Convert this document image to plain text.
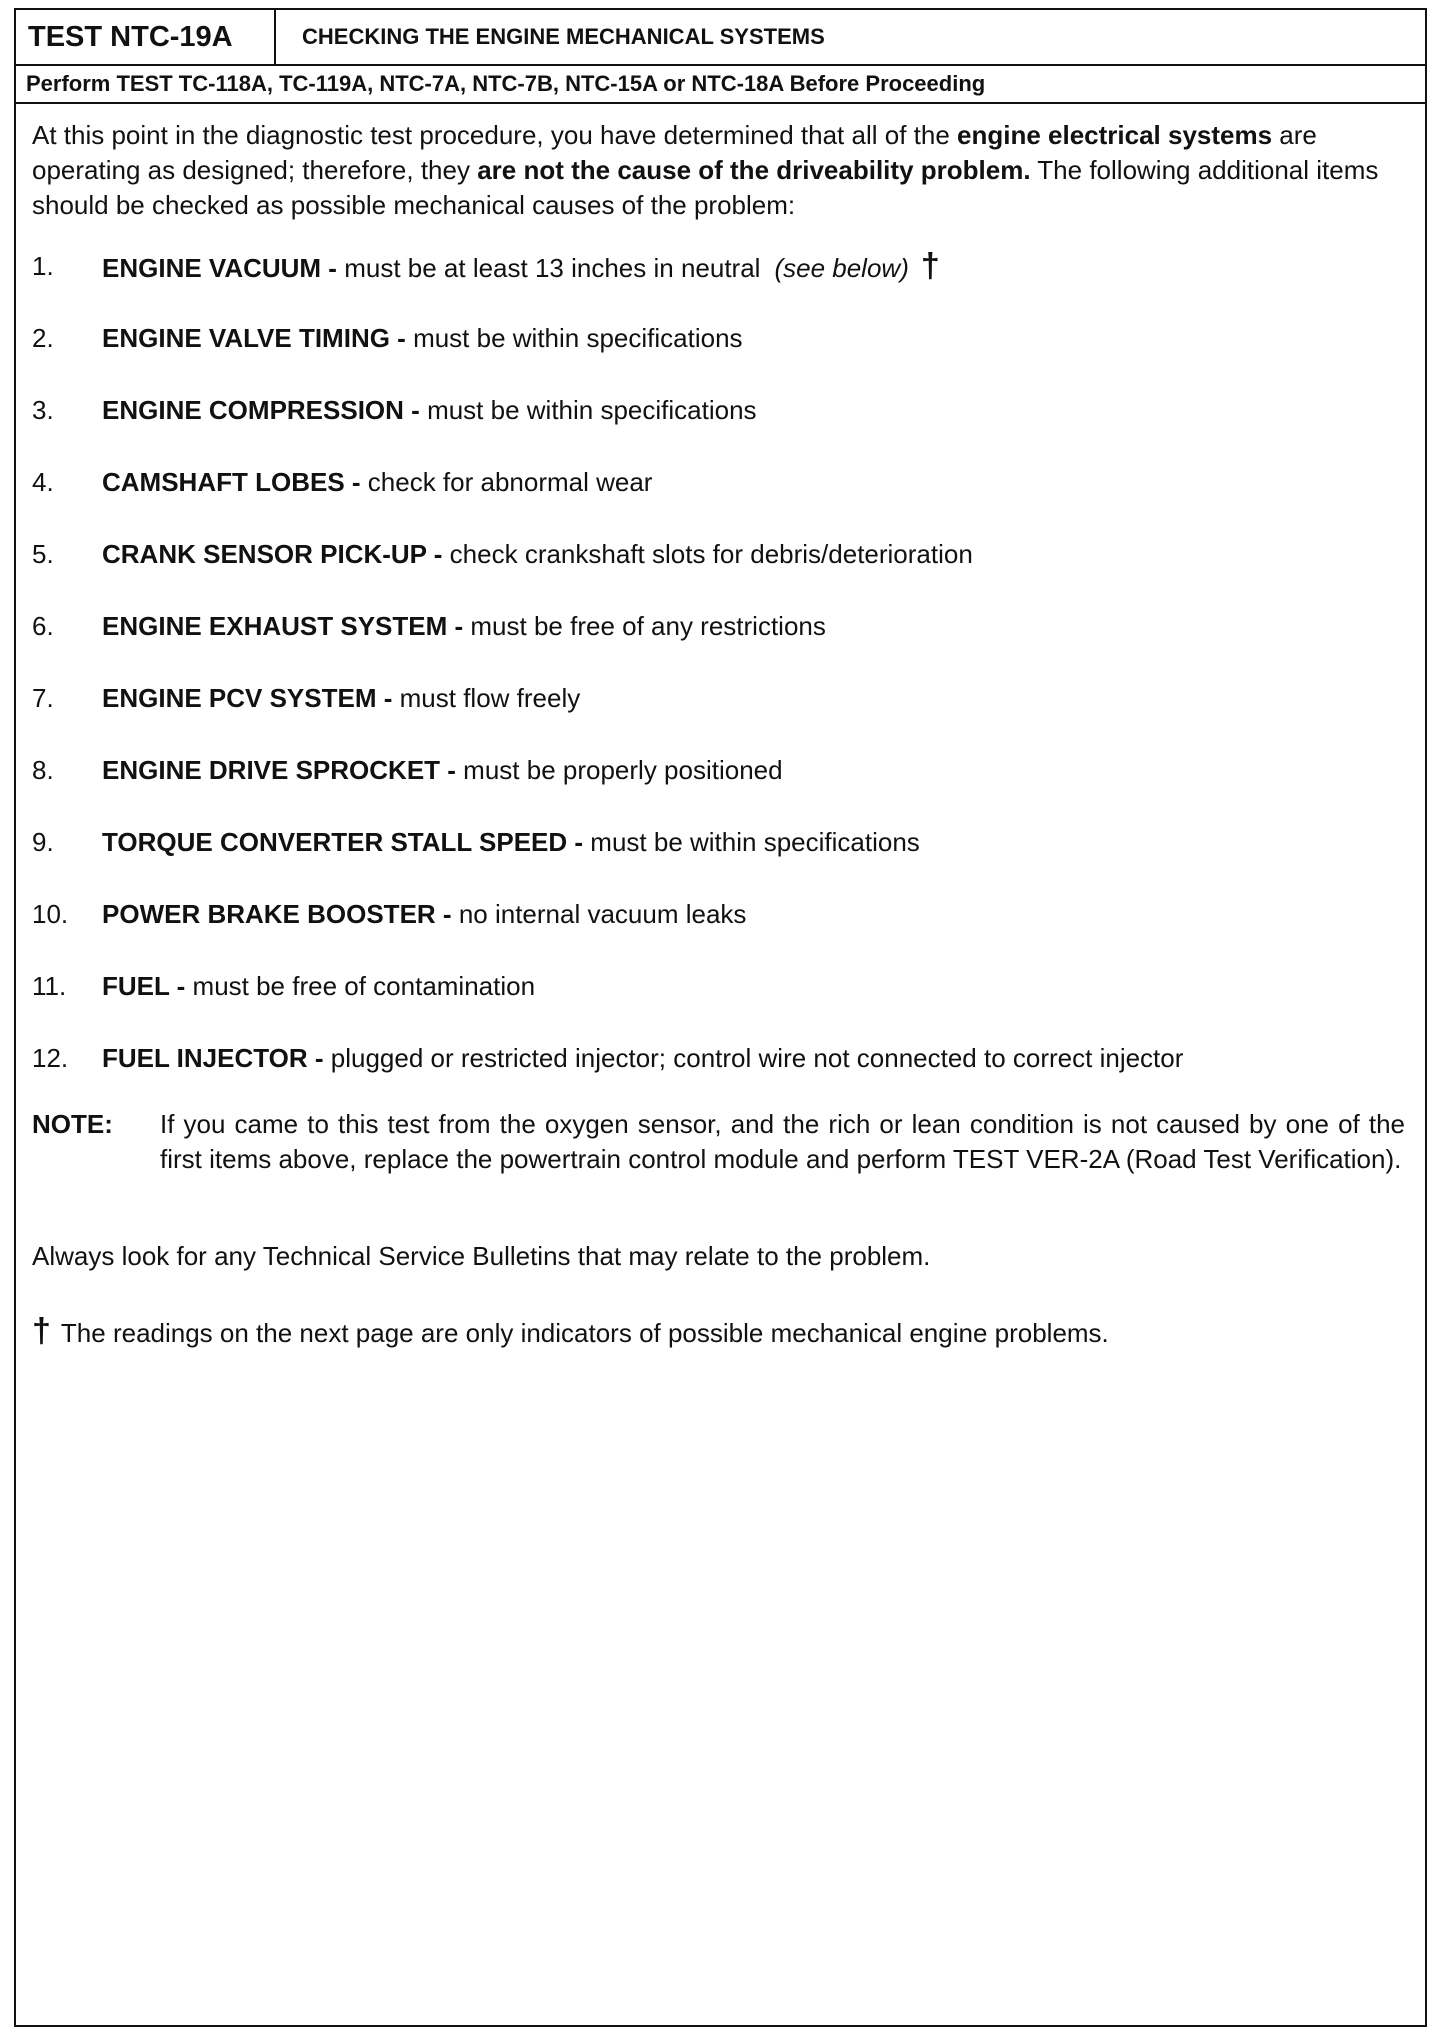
TEST NTC-19A	CHECKING THE ENGINE MECHANICAL SYSTEMS
Perform TEST TC-118A, TC-119A, NTC-7A, NTC-7B, NTC-15A or NTC-18A Before Proceeding
At this point in the diagnostic test procedure, you have determined that all of the engine electrical systems are operating as designed; therefore, they are not the cause of the driveability problem. The following additional items should be checked as possible mechanical causes of the problem:
1. ENGINE VACUUM - must be at least 13 inches in neutral (see below) †
2. ENGINE VALVE TIMING - must be within specifications
3. ENGINE COMPRESSION - must be within specifications
4. CAMSHAFT LOBES - check for abnormal wear
5. CRANK SENSOR PICK-UP - check crankshaft slots for debris/deterioration
6. ENGINE EXHAUST SYSTEM - must be free of any restrictions
7. ENGINE PCV SYSTEM - must flow freely
8. ENGINE DRIVE SPROCKET - must be properly positioned
9. TORQUE CONVERTER STALL SPEED - must be within specifications
10. POWER BRAKE BOOSTER - no internal vacuum leaks
11. FUEL - must be free of contamination
12. FUEL INJECTOR - plugged or restricted injector; control wire not connected to correct injector
NOTE: If you came to this test from the oxygen sensor, and the rich or lean condition is not caused by one of the first items above, replace the powertrain control module and perform TEST VER-2A (Road Test Verification).
Always look for any Technical Service Bulletins that may relate to the problem.
† The readings on the next page are only indicators of possible mechanical engine problems.
